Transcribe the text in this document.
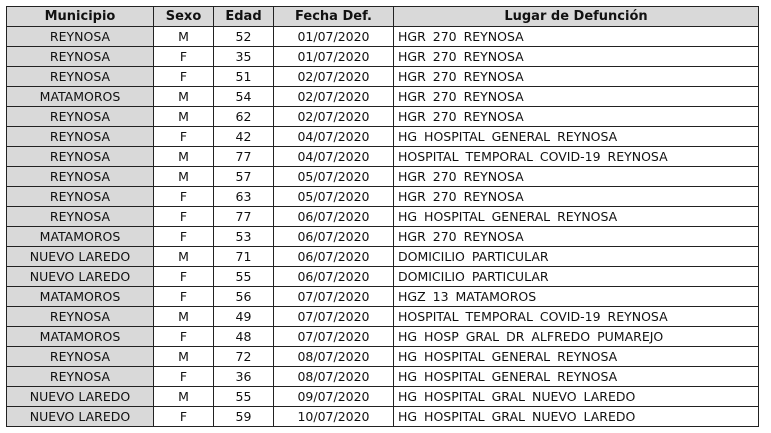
Municipio	Sexo	Edad	Fecha Def.	Lugar de Defunción
REYNOSA	M	52	01/07/2020	HGR 270 REYNOSA
REYNOSA	F	35	01/07/2020	HGR 270 REYNOSA
REYNOSA	F	51	02/07/2020	HGR 270 REYNOSA
MATAMOROS	M	54	02/07/2020	HGR 270 REYNOSA
REYNOSA	M	62	02/07/2020	HGR 270 REYNOSA
REYNOSA	F	42	04/07/2020	HG HOSPITAL GENERAL REYNOSA
REYNOSA	M	77	04/07/2020	HOSPITAL TEMPORAL COVID-19 REYNOSA
REYNOSA	M	57	05/07/2020	HGR 270 REYNOSA
REYNOSA	F	63	05/07/2020	HGR 270 REYNOSA
REYNOSA	F	77	06/07/2020	HG HOSPITAL GENERAL REYNOSA
MATAMOROS	F	53	06/07/2020	HGR 270 REYNOSA
NUEVO LAREDO	M	71	06/07/2020	DOMICILIO PARTICULAR
NUEVO LAREDO	F	55	06/07/2020	DOMICILIO PARTICULAR
MATAMOROS	F	56	07/07/2020	HGZ 13 MATAMOROS
REYNOSA	M	49	07/07/2020	HOSPITAL TEMPORAL COVID-19 REYNOSA
MATAMOROS	F	48	07/07/2020	HG HOSP GRAL DR ALFREDO PUMAREJO
REYNOSA	M	72	08/07/2020	HG HOSPITAL GENERAL REYNOSA
REYNOSA	F	36	08/07/2020	HG HOSPITAL GENERAL REYNOSA
NUEVO LAREDO	M	55	09/07/2020	HG HOSPITAL GRAL NUEVO LAREDO
NUEVO LAREDO	F	59	10/07/2020	HG HOSPITAL GRAL NUEVO LAREDO
